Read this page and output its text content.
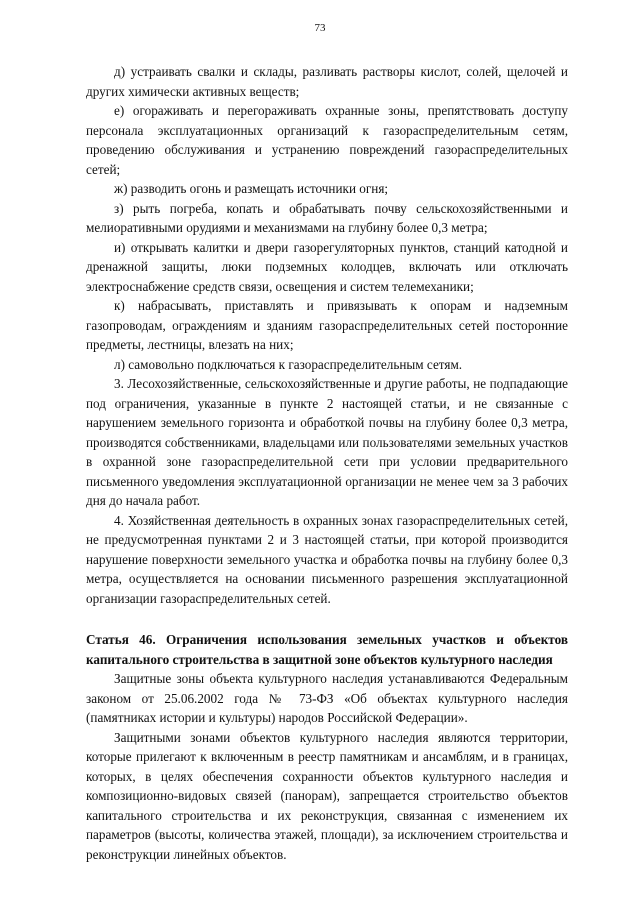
73

д) устраивать свалки и склады, разливать растворы кислот, солей, щелочей и других химически активных веществ;

е) огораживать и перегораживать охранные зоны, препятствовать доступу персонала эксплуатационных организаций к газораспределительным сетям, проведению обслуживания и устранению повреждений газораспределительных сетей;

ж) разводить огонь и размещать источники огня;

з) рыть погреба, копать и обрабатывать почву сельскохозяйственными и мелиоративными орудиями и механизмами на глубину более 0,3 метра;

и) открывать калитки и двери газорегуляторных пунктов, станций катодной и дренажной защиты, люки подземных колодцев, включать или отключать электроснабжение средств связи, освещения и систем телемеханики;

к) набрасывать, приставлять и привязывать к опорам и надземным газопроводам, ограждениям и зданиям газораспределительных сетей посторонние предметы, лестницы, влезать на них;

л) самовольно подключаться к газораспределительным сетям.

3. Лесохозяйственные, сельскохозяйственные и другие работы, не подпадающие под ограничения, указанные в пункте 2 настоящей статьи, и не связанные с нарушением земельного горизонта и обработкой почвы на глубину более 0,3 метра, производятся собственниками, владельцами или пользователями земельных участков в охранной зоне газораспределительной сети при условии предварительного письменного уведомления эксплуатационной организации не менее чем за 3 рабочих дня до начала работ.

4. Хозяйственная деятельность в охранных зонах газораспределительных сетей, не предусмотренная пунктами 2 и 3 настоящей статьи, при которой производится нарушение поверхности земельного участка и обработка почвы на глубину более 0,3 метра, осуществляется на основании письменного разрешения эксплуатационной организации газораспределительных сетей.

Статья 46. Ограничения использования земельных участков и объектов капитального строительства в защитной зоне объектов культурного наследия

Защитные зоны объекта культурного наследия устанавливаются Федеральным законом от 25.06.2002 года № 73-ФЗ «Об объектах культурного наследия (памятниках истории и культуры) народов Российской Федерации».

Защитными зонами объектов культурного наследия являются территории, которые прилегают к включенным в реестр памятникам и ансамблям, и в границах, которых, в целях обеспечения сохранности объектов культурного наследия и композиционно-видовых связей (панорам), запрещается строительство объектов капитального строительства и их реконструкция, связанная с изменением их параметров (высоты, количества этажей, площади), за исключением строительства и реконструкции линейных объектов.
